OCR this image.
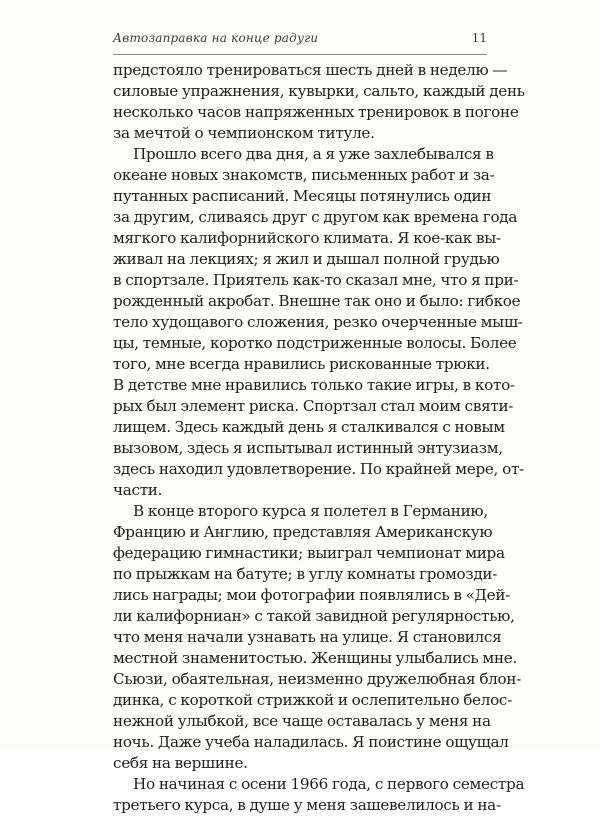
Автозаправка на конце радуги	11
предстояло тренироваться шесть дней в неделю —
силовые упражнения, кувырки, сальто, каждый день
несколько часов напряженных тренировок в погоне
за мечтой о чемпионском титуле.
Прошло всего два дня, а я уже захлебывался в
океане новых знакомств, письменных работ и за-
путанных расписаний. Месяцы потянулись один
за другим, сливаясь друг с другом как времена года
мягкого калифорнийского климата. Я кое-как вы-
живал на лекциях; я жил и дышал полной грудью
в спортзале. Приятель как-то сказал мне, что я при-
рожденный акробат. Внешне так оно и было: гибкое
тело худощавого сложения, резко очерченные мыш-
цы, темные, коротко подстриженные волосы. Более
того, мне всегда нравились рискованные трюки.
В детстве мне нравились только такие игры, в кото-
рых был элемент риска. Спортзал стал моим святи-
лищем. Здесь каждый день я сталкивался с новым
вызовом, здесь я испытывал истинный энтузиазм,
здесь находил удовлетворение. По крайней мере, от-
части.
В конце второго курса я полетел в Германию,
Францию и Англию, представляя Американскую
федерацию гимнастики; выиграл чемпионат мира
по прыжкам на батуте; в углу комнаты громозди-
лись награды; мои фотографии появлялись в «Дей-
ли калифорниан» с такой завидной регулярностью,
что меня начали узнавать на улице. Я становился
местной знаменитостью. Женщины улыбались мне.
Сьюзи, обаятельная, неизменно дружелюбная блон-
динка, с короткой стрижкой и ослепительно белос-
нежной улыбкой, все чаще оставалась у меня на
ночь. Даже учеба наладилась. Я поистине ощущал
себя на вершине.
Но начиная с осени 1966 года, с первого семестра
третьего курса, в душе у меня зашевелилось и на-
